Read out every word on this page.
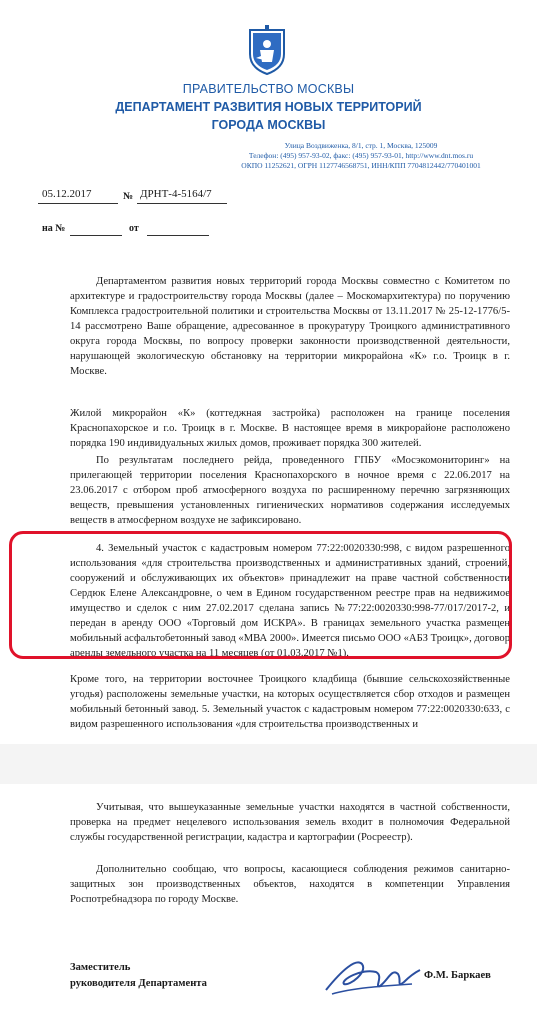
ПРАВИТЕЛЬСТВО МОСКВЫ
ДЕПАРТАМЕНТ РАЗВИТИЯ НОВЫХ ТЕРРИТОРИЙ
ГОРОДА МОСКВЫ
Улица Воздвиженка, 8/1, стр. 1, Москва, 125009
Телефон: (495) 957-93-02, факс: (495) 957-93-01, http://www.dnt.mos.ru
ОКПО 11252621, ОГРН 1127746568751, ИНН/КПП 7704812442/770401001
05.12.2017	№ ДРНТ-4-5164/7
на №	от
Департаментом развития новых территорий города Москвы совместно с Комитетом по архитектуре и градостроительству города Москвы (далее – Москомархитектура) по поручению Комплекса градостроительной политики и строительства Москвы от 13.11.2017 № 25-12-1776/5-14 рассмотрено Ваше обращение, адресованное в прокуратуру Троицкого административного округа города Москвы, по вопросу проверки законности производственной деятельности, нарушающей экологическую обстановку на территории микрорайона «К» г.о. Троицк в г. Москве.
Жилой микрорайон «К» (коттеджная застройка) расположен на границе поселения Краснопахорское и г.о. Троицк в г. Москве. В настоящее время в микрорайоне расположено порядка 190 индивидуальных жилых домов, проживает порядка 300 жителей.
По результатам последнего рейда, проведенного ГПБУ «Мосэкомониторинг» на прилегающей территории поселения Краснопахорского в ночное время с 22.06.2017 на 23.06.2017 с отбором проб атмосферного воздуха по расширенному перечню загрязняющих веществ, превышения установленных гигиенических нормативов содержания исследуемых веществ в атмосферном воздухе не зафиксировано.
4. Земельный участок с кадастровым номером 77:22:0020330:998, с видом разрешенного использования «для строительства производственных и административных зданий, строений, сооружений и обслуживающих их объектов» принадлежит на праве частной собственности Сердюк Елене Александровне, о чем в Едином государственном реестре прав на недвижимое имущество и сделок с ним 27.02.2017 сделана запись №77:22:0020330:998-77/017/2017-2, и передан в аренду ООО «Торговый дом ИСКРА». В границах земельного участка размещен мобильный асфальтобетонный завод «МВА 2000». Имеется письмо ООО «АБЗ Троицк», договор аренды земельного участка на 11 месяцев (от 01.03.2017 №1).
Кроме того, на территории восточнее Троицкого кладбища (бывшие сельскохозяйственные угодья) расположены земельные участки, на которых осуществляется сбор отходов и размещен мобильный бетонный завод. 5. Земельный участок с кадастровым номером 77:22:0020330:633, с видом разрешенного использования «для строительства производственных и
Учитывая, что вышеуказанные земельные участки находятся в частной собственности, проверка на предмет нецелевого использования земель входит в полномочия Федеральной службы государственной регистрации, кадастра и картографии (Росреестр).
Дополнительно сообщаю, что вопросы, касающиеся соблюдения режимов санитарно-защитных зон производственных объектов, находятся в компетенции Управления Роспотребнадзора по городу Москве.
Заместитель
руководителя Департамента
Ф.М. Баркаев
